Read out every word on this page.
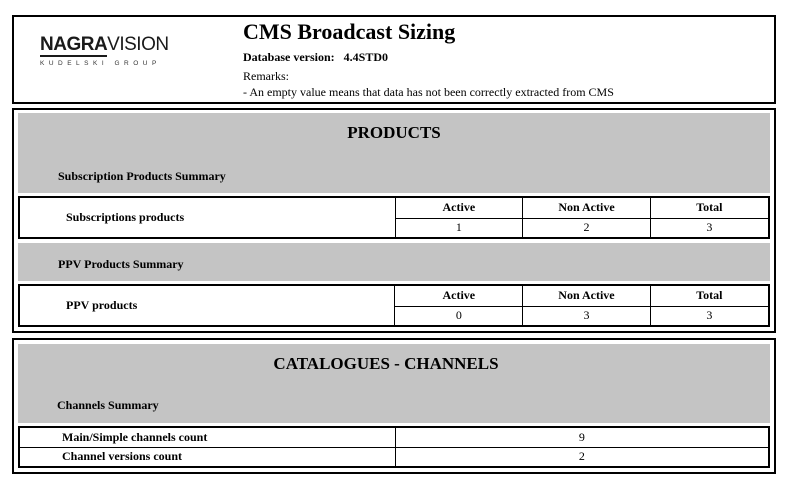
NAGRAVISION
KUDELSKI GROUP
CMS Broadcast Sizing
Database version: 4.4STD0
Remarks:
- An empty value means that data has not been correctly extracted from CMS
PRODUCTS
Subscription Products Summary
Subscriptions products	Active	Non Active	Total
	1	2	3
PPV Products Summary
PPV products	Active	Non Active	Total
	0	3	3
CATALOGUES - CHANNELS
Channels Summary
Main/Simple channels count	9
Channel versions count	2
